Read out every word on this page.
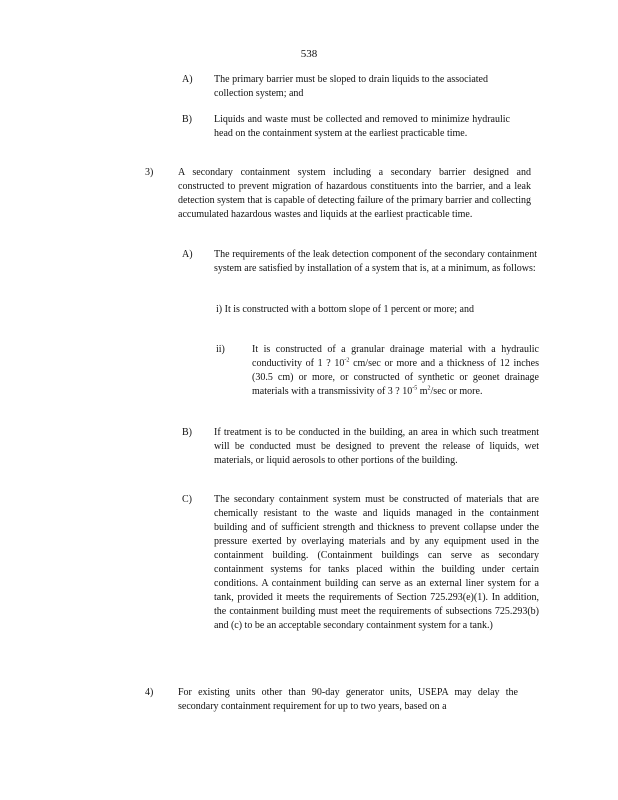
538
A) The primary barrier must be sloped to drain liquids to the associated collection system; and
B) Liquids and waste must be collected and removed to minimize hydraulic head on the containment system at the earliest practicable time.
3) A secondary containment system including a secondary barrier designed and constructed to prevent migration of hazardous constituents into the barrier, and a leak detection system that is capable of detecting failure of the primary barrier and collecting accumulated hazardous wastes and liquids at the earliest practicable time.
A) The requirements of the leak detection component of the secondary containment system are satisfied by installation of a system that is, at a minimum, as follows:
i) It is constructed with a bottom slope of 1 percent or more; and
ii)	It is constructed of a granular drainage material with a hydraulic conductivity of 1 ? $10^{-2}$ cm/sec or more and a thickness of 12 inches (30.5 cm) or more, or constructed of synthetic or geonet drainage materials with a transmissivity of 3 ? $10^{-5}$ $m^2/\sec$ or more.
B) If treatment is to be conducted in the building, an area in which such treatment will be conducted must be designed to prevent the release of liquids, wet materials, or liquid aerosols to other portions of the building.
C) The secondary containment system must be constructed of materials that are chemically resistant to the waste and liquids managed in the containment building and of sufficient strength and thickness to prevent collapse under the pressure exerted by overlaying materials and by any equipment used in the containment building. (Containment buildings can serve as secondary containment systems for tanks placed within the building under certain conditions. A containment building can serve as an external liner system for a tank, provided it meets the requirements of Section 725.293(e)(1). In addition, the containment building must meet the requirements of subsections 725.293(b) and (c) to be an acceptable secondary containment system for a tank.)
4) For existing units other than 90-day generator units, USEPA may delay the secondary containment requirement for up to two years, based on a
